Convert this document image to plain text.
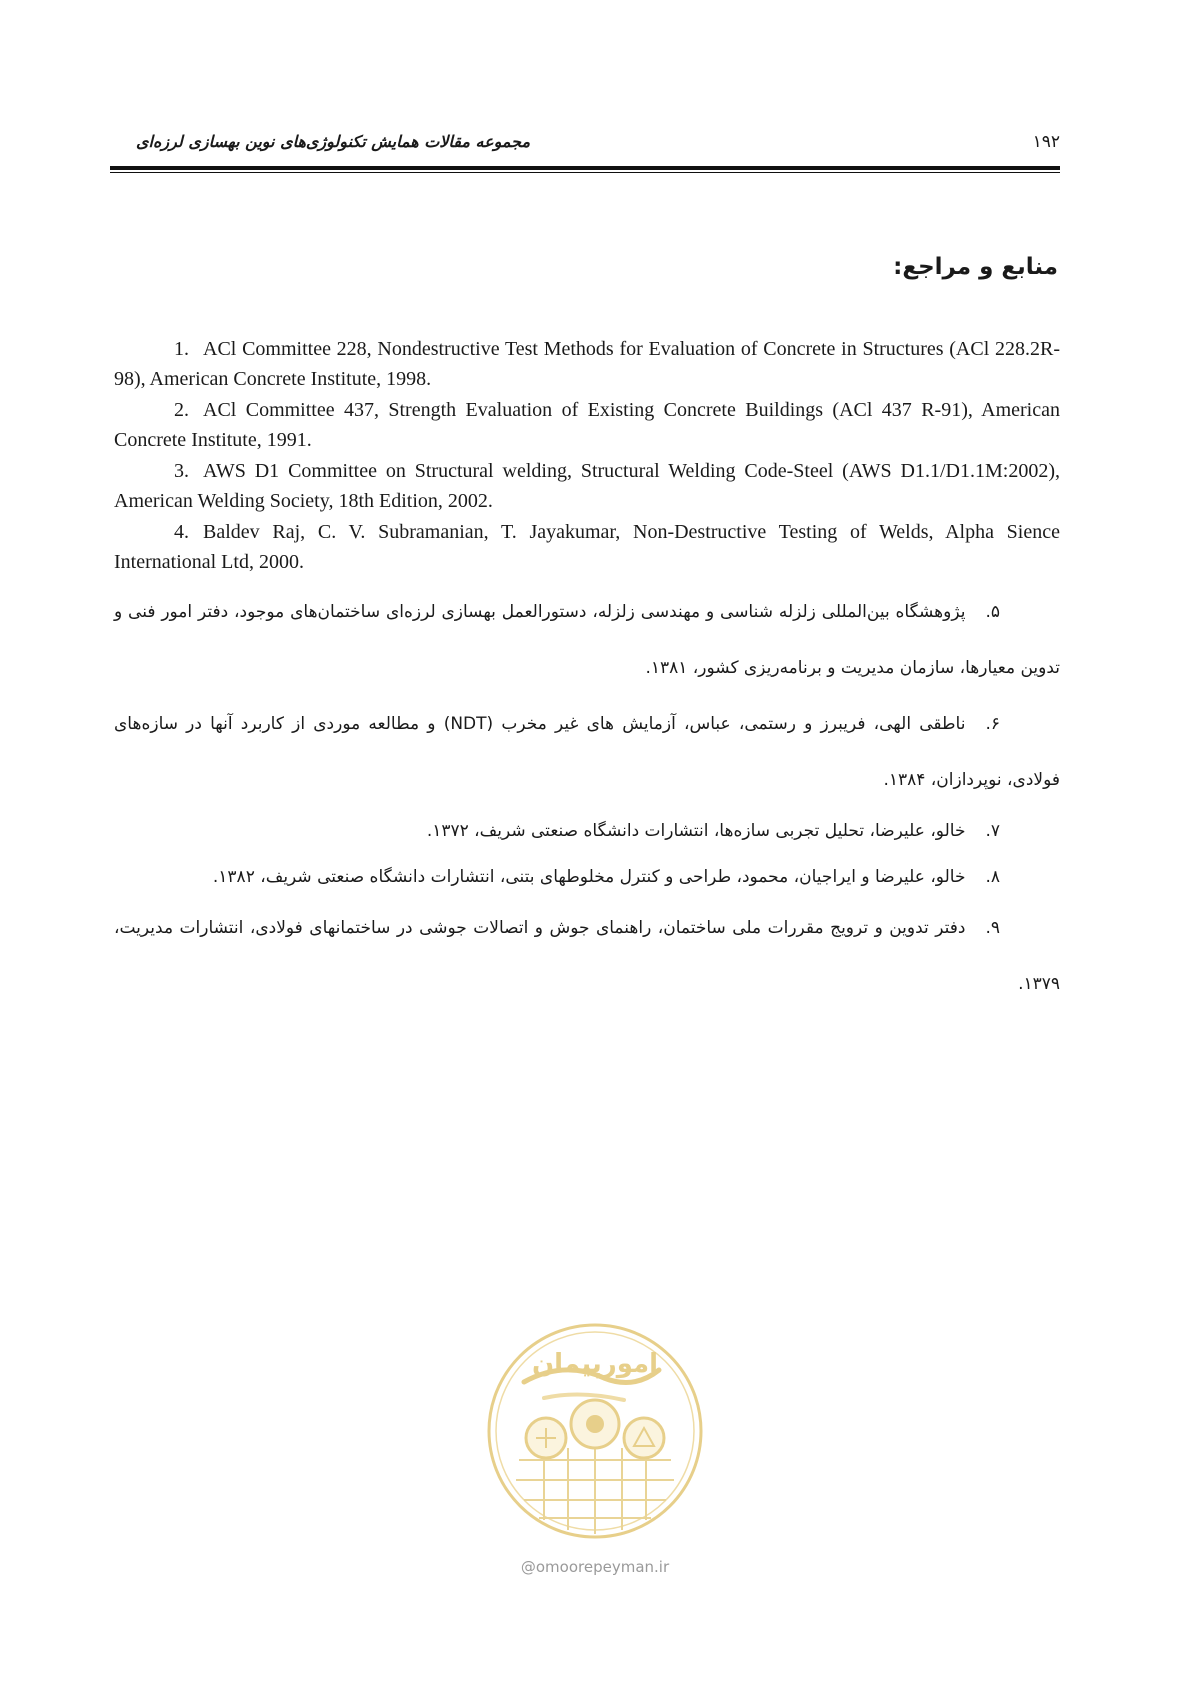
۱۹۲
مجموعه مقالات همایش تکنولوژی‌های نوین بهسازی لرزه‌ای
منابع و مراجع:

1. ACl Committee 228, Nondestructive Test Methods for Evaluation of Concrete in Structures (ACl 228.2R-98), American Concrete Institute, 1998.

2. ACl Committee 437, Strength Evaluation of Existing Concrete Buildings (ACl 437 R-91), American Concrete Institute, 1991.

3. AWS D1 Committee on Structural welding, Structural Welding Code-Steel (AWS D1.1/D1.1M:2002), American Welding Society, 18th Edition, 2002.

4. Baldev Raj, C. V. Subramanian, T. Jayakumar, Non-Destructive Testing of Welds, Alpha Sience International Ltd, 2000.

۵.پژوهشگاه بین‌المللی زلزله شناسی و مهندسی زلزله، دستورالعمل بهسازی لرزه‌ای ساختمان‌های موجود، دفتر امور فنی و تدوین معیارها، سازمان مدیریت و برنامه‌ریزی کشور، ۱۳۸۱.

۶.ناطقی الهی، فریبرز و رستمی، عباس، آزمایش های غیر مخرب (NDT) و مطالعه موردی از کاربرد آنها در سازه‌های فولادی، نوپردازان، ۱۳۸۴.

۷.خالو، علیرضا، تحلیل تجربی سازه‌ها، انتشارات دانشگاه صنعتی شریف، ۱۳۷۲.

۸.خالو، علیرضا و ایراجیان، محمود، طراحی و کنترل مخلوطهای بتنی، انتشارات دانشگاه صنعتی شریف، ۱۳۸۲.

۹.دفتر تدوین و ترویج مقررات ملی ساختمان، راهنمای جوش و اتصالات جوشی در ساختمانهای فولادی، انتشارات مدیریت، ۱۳۷۹.

امورپیمان
@omoorepeyman.ir
